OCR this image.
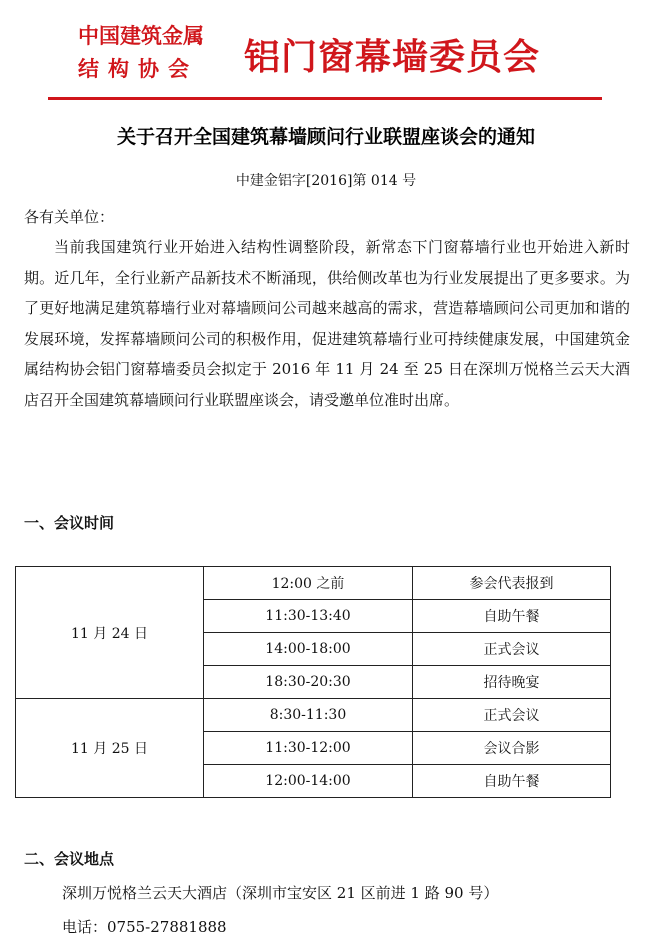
中国建筑金属
结构协会 铝门窗幕墙委员会
关于召开全国建筑幕墙顾问行业联盟座谈会的通知
中建金铝字[2016]第 014 号
各有关单位：
当前我国建筑行业开始进入结构性调整阶段，新常态下门窗幕墙行业也开始进入新时期。近几年，全行业新产品新技术不断涌现，供给侧改革也为行业发展提出了更多要求。为了更好地满足建筑幕墙行业对幕墙顾问公司越来越高的需求，营造幕墙顾问公司更加和谐的发展环境，发挥幕墙顾问公司的积极作用，促进建筑幕墙行业可持续健康发展，中国建筑金属结构协会铝门窗幕墙委员会拟定于 2016 年 11 月 24 至 25 日在深圳万悦格兰云天大酒店召开全国建筑幕墙顾问行业联盟座谈会，请受邀单位准时出席。
一、会议时间
11 月 24 日	12:00 之前	参会代表报到
	11:30-13:40	自助午餐
	14:00-18:00	正式会议
	18:30-20:30	招待晚宴
11 月 25 日	8:30-11:30	正式会议
	11:30-12:00	会议合影
	12:00-14:00	自助午餐
二、会议地点
深圳万悦格兰云天大酒店（深圳市宝安区 21 区前进 1 路 90 号）
电话：0755-27881888
